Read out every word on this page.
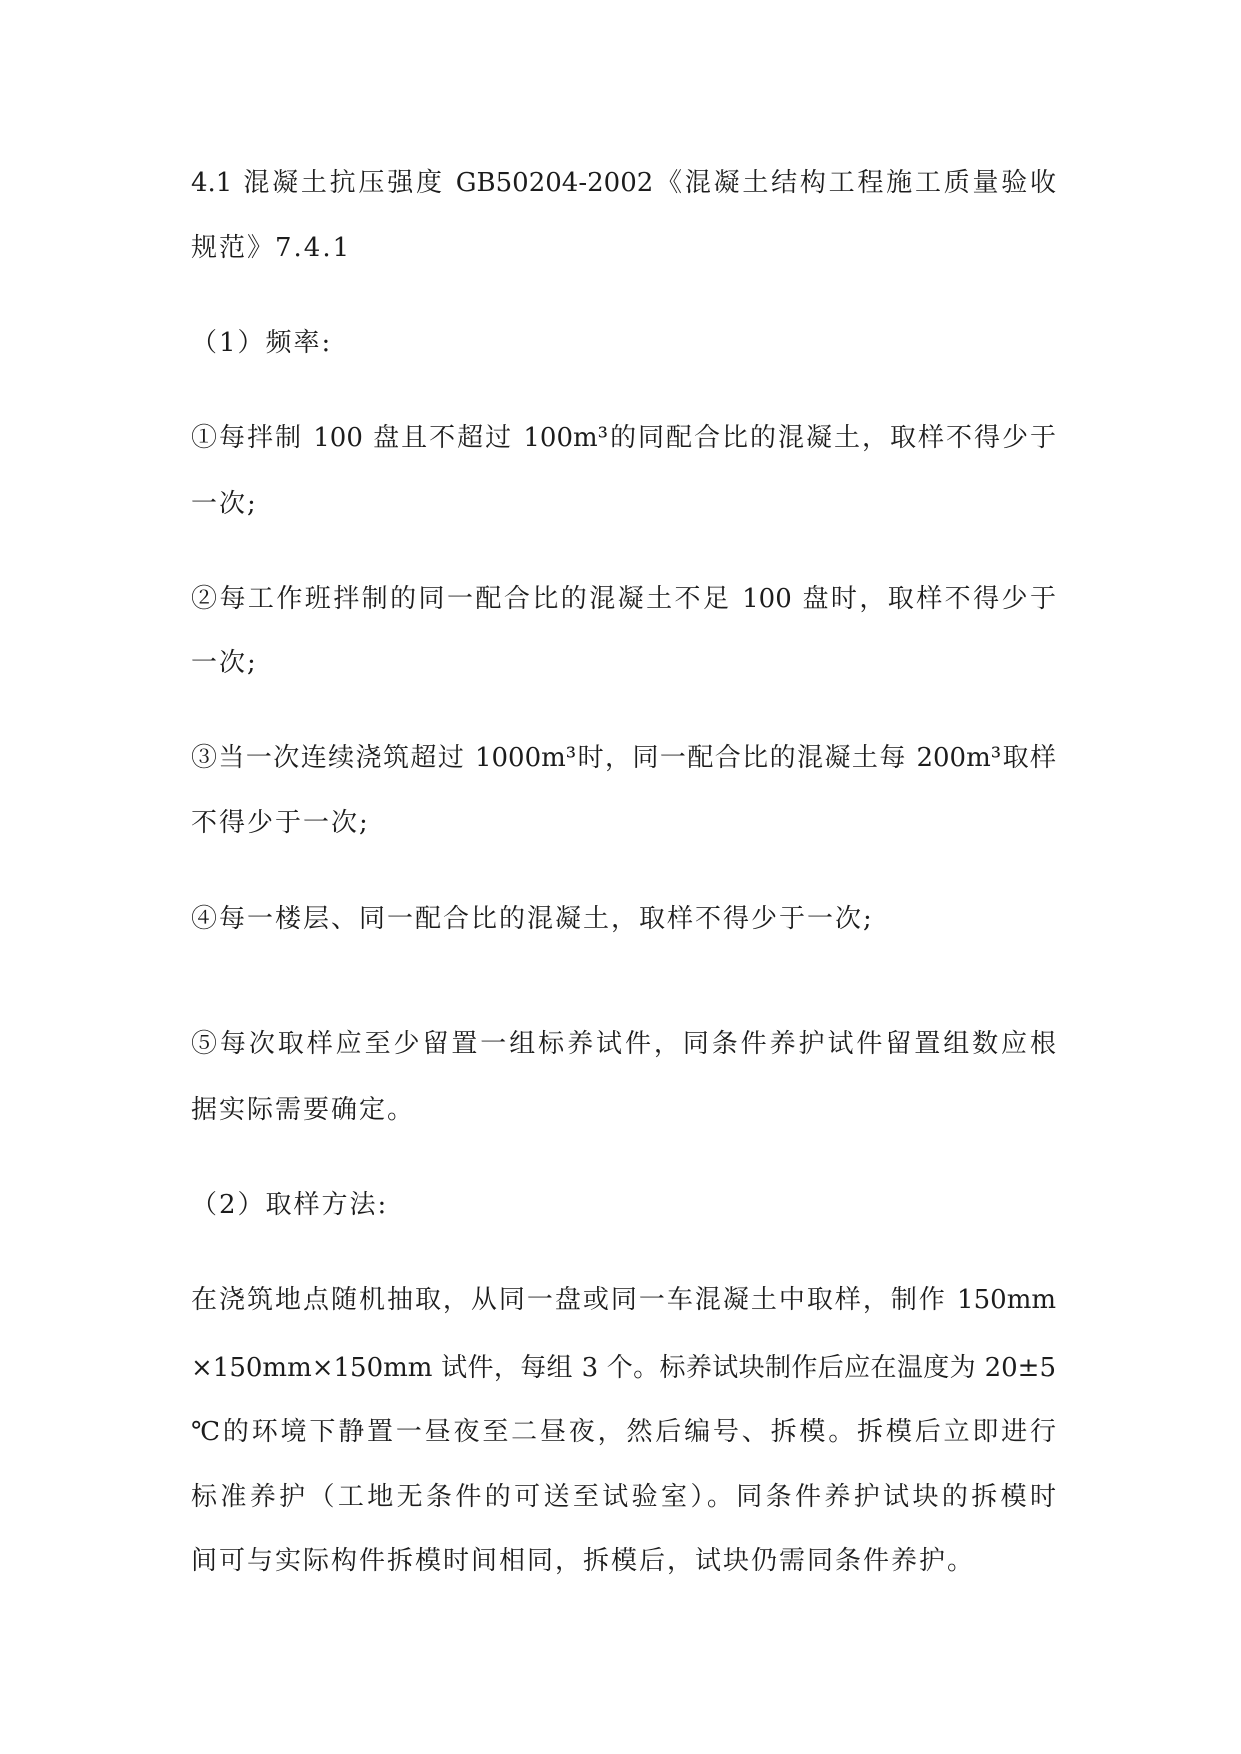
4.1 混凝土抗压强度 GB50204-2002《混凝土结构工程施工质量验收
规范》7.4.1
（1）频率:
①每拌制 100 盘且不超过 100m³的同配合比的混凝土，取样不得少于
一次;
②每工作班拌制的同一配合比的混凝土不足 100 盘时，取样不得少于
一次;
③当一次连续浇筑超过 1000m³时，同一配合比的混凝土每 200m³取样
不得少于一次;
④每一楼层、同一配合比的混凝土，取样不得少于一次;
⑤每次取样应至少留置一组标养试件，同条件养护试件留置组数应根
据实际需要确定。
（2）取样方法:
在浇筑地点随机抽取，从同一盘或同一车混凝土中取样，制作 150mm
×150mm×150mm 试件，每组 3 个。标养试块制作后应在温度为 20±5
℃的环境下静置一昼夜至二昼夜，然后编号、拆模。拆模后立即进行
标准养护（工地无条件的可送至试验室）。同条件养护试块的拆模时
间可与实际构件拆模时间相同，拆模后，试块仍需同条件养护。
